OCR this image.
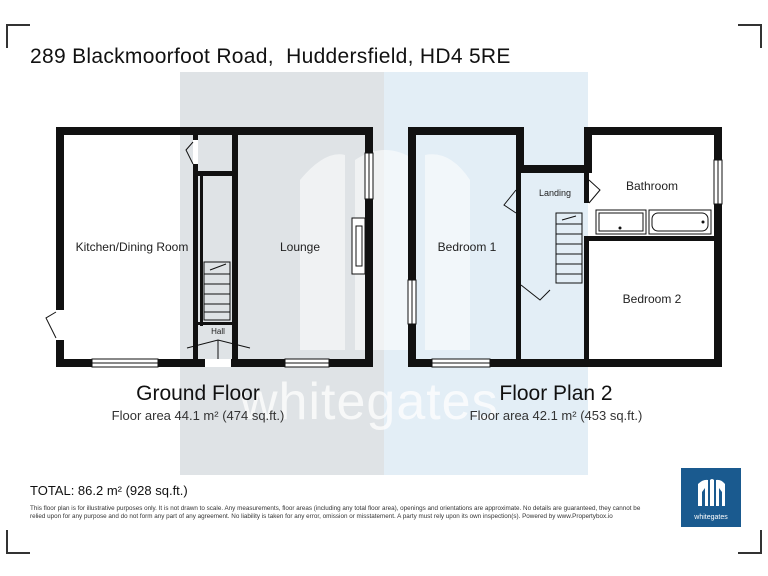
289 Blackmoorfoot Road,  Huddersfield, HD4 5RE
Kitchen/Dining Room	Lounge
Hall
Bedroom 1
Landing	Bathroom
Bedroom 2
whitegates
Ground Floor
Floor area 44.1 m² (474 sq.ft.)
Floor Plan 2
Floor area 42.1 m² (453 sq.ft.)
TOTAL: 86.2 m² (928 sq.ft.)
This floor plan is for illustrative purposes only. It is not drawn to scale. Any measurements, floor areas (including any total floor area), openings and orientations are approximate. No details are guaranteed, they cannot be relied upon for any purpose and do not form any part of any agreement. No liability is taken for any error, omission or misstatement. A party must rely upon its own inspection(s). Powered by www.Propertybox.io	whitegates
